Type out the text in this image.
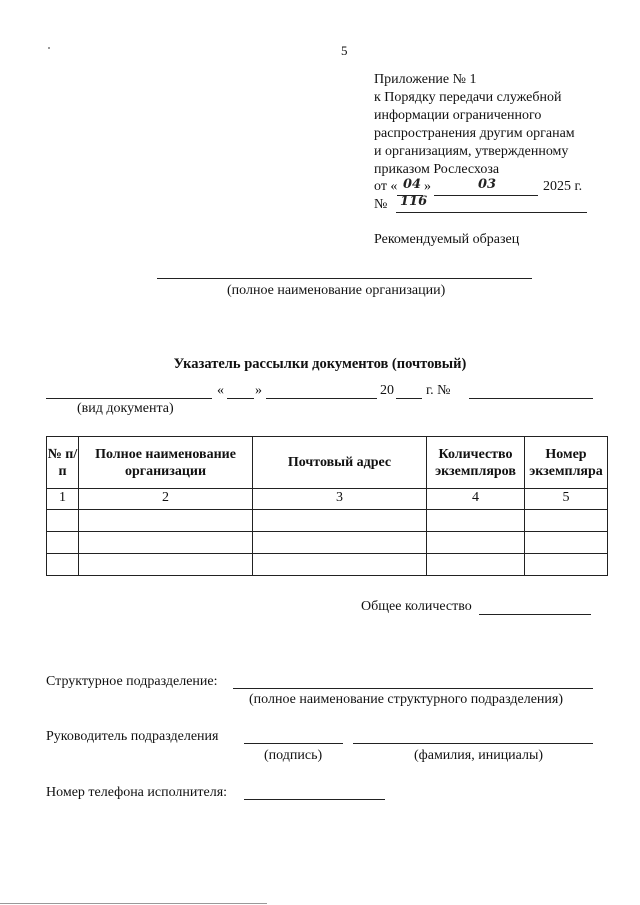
5
Приложение № 1
к Порядку передачи служебной
информации ограниченного
распространения другим органам
и организациям, утвержденному
приказом Рослесхоза
от « 04 »	03	2025 г.
№ 116
Рекомендуемый образец
(полное наименование организации)
Указатель рассылки документов (почтовый)
« »	20 г. №
(вид документа)
№ п/п	Полное наименование организации	Почтовый адрес	Количество экземпляров	Номер экземпляра
1	2	3	4	5

Общее количество
Структурное подразделение:
(полное наименование структурного подразделения)
Руководитель подразделения
(подпись)	(фамилия, инициалы)
Номер телефона исполнителя:
